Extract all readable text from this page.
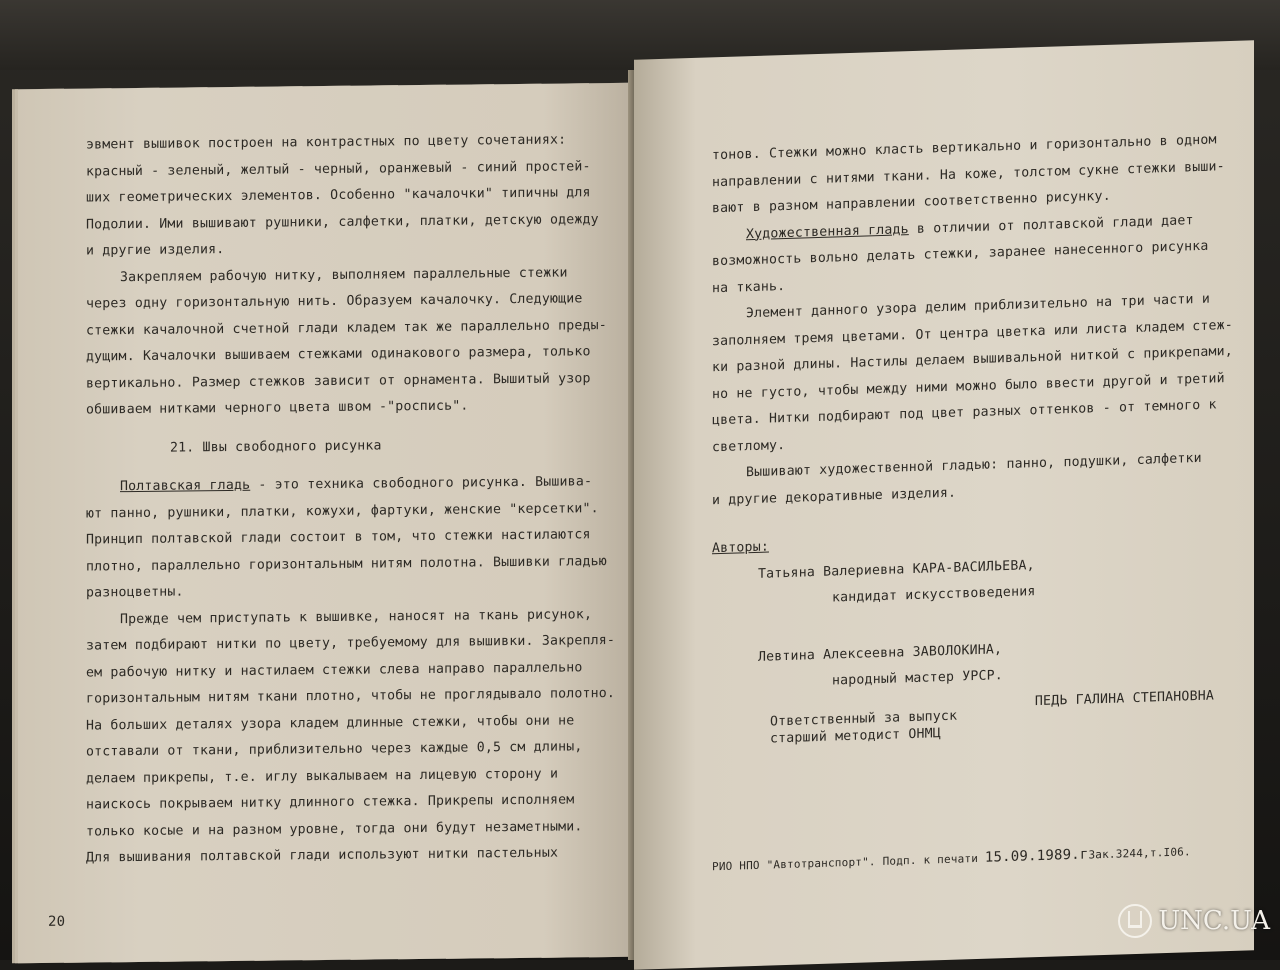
эвмент вышивок построен на контрастных по цвету сочетаниях:

красный - зеленый, желтый - черный, оранжевый - синий простей-

ших геометрических элементов. Особенно "качалочки" типичны для

Подолии. Ими вышивают рушники, салфетки, платки, детскую одежду

и другие изделия.

Закрепляем рабочую нитку, выполняем параллельные стежки

через одну горизонтальную нить. Образуем качалочку. Следующие

стежки качалочной счетной глади кладем так же параллельно преды-

дущим. Качалочки вышиваем стежками одинакового размера, только

вертикально. Размер стежков зависит от орнамента. Вышитый узор

обшиваем нитками черного цвета швом -"роспись".

21. Швы свободного рисунка

Полтавская гладь - это техника свободного рисунка. Вышива-

ют панно, рушники, платки, кожухи, фартуки, женские "керсетки".

Принцип полтавской глади состоит в том, что стежки настилаются

плотно, параллельно горизонтальным нитям полотна. Вышивки гладью

разноцветны.

Прежде чем приступать к вышивке, наносят на ткань рисунок,

затем подбирают нитки по цвету, требуемому для вышивки. Закрепля-

ем рабочую нитку и настилаем стежки слева направо параллельно

горизонтальным нитям ткани плотно, чтобы не проглядывало полотно.

На больших деталях узора кладем длинные стежки, чтобы они не

отставали от ткани, приблизительно через каждые 0,5 см длины,

делаем прикрепы, т.е. иглу выкалываем на лицевую сторону и

наискось покрываем нитку длинного стежка. Прикрепы исполняем

только косые и на разном уровне, тогда они будут незаметными.

Для вышивания полтавской глади используют нитки пастельных

20

тонов. Стежки можно класть вертикально и горизонтально в одном

направлении с нитями ткани. На коже, толстом сукне стежки выши-

вают в разном направлении соответственно рисунку.

Художественная гладь в отличии от полтавской глади дает

возможность вольно делать стежки, заранее нанесенного рисунка

на ткань.

Элемент данного узора делим приблизительно на три части и

заполняем тремя цветами. От центра цветка или листа кладем стеж-

ки разной длины. Настилы делаем вышивальной ниткой с прикрепами,

но не густо, чтобы между ними можно было ввести другой и третий

цвета. Нитки подбирают под цвет разных оттенков - от темного к

светлому.

Вышивают художественной гладью: панно, подушки, салфетки

и другие декоративные изделия.

Авторы:

Татьяна Валериевна КАРА-ВАСИЛЬЕВА,

кандидат искусствоведения

Левтина Алексеевна ЗАВОЛОКИНА,

народный мастер УРСР.

Ответственный за выпуск
старший методист ОНМЦ
ПЕДЬ ГАЛИНА СТЕПАНОВНА
РИО НПО "Автотранспорт". Подп. к печати 15.09.1989.гЗак.3244,т.I06.
UNC.UA
